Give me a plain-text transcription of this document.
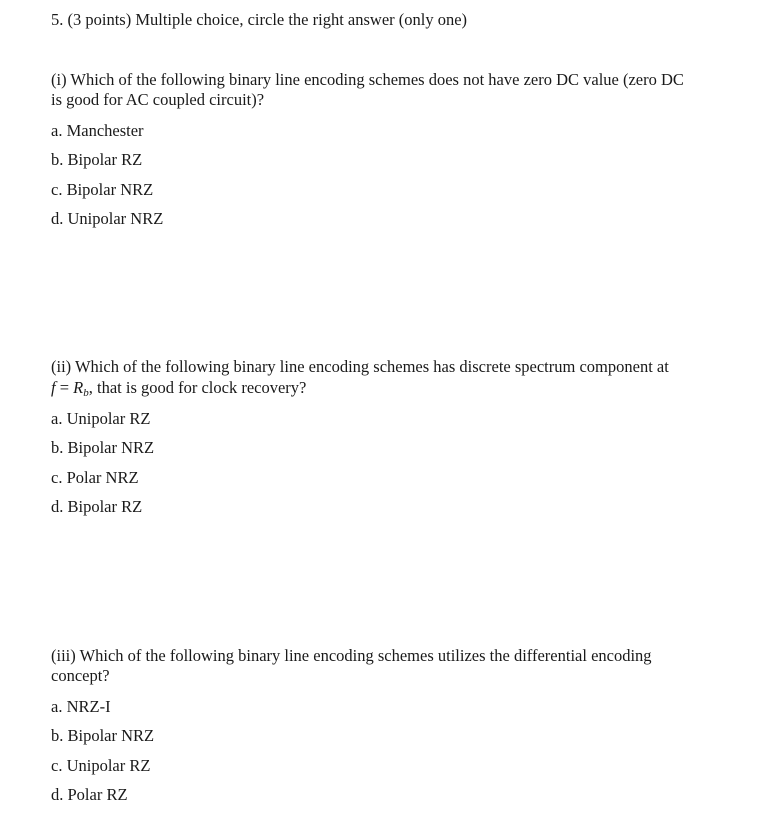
5. (3 points) Multiple choice, circle the right answer (only one)
(i) Which of the following binary line encoding schemes does not have zero DC value (zero DC
is good for AC coupled circuit)?
a. Manchester
b. Bipolar RZ
c. Bipolar NRZ
d. Unipolar NRZ
(ii) Which of the following binary line encoding schemes has discrete spectrum component at
$f = R_b$, that is good for clock recovery?
a. Unipolar RZ
b. Bipolar NRZ
c. Polar NRZ
d. Bipolar RZ
(iii) Which of the following binary line encoding schemes utilizes the differential encoding
concept?
a. NRZ-I
b. Bipolar NRZ
c. Unipolar RZ
d. Polar RZ
